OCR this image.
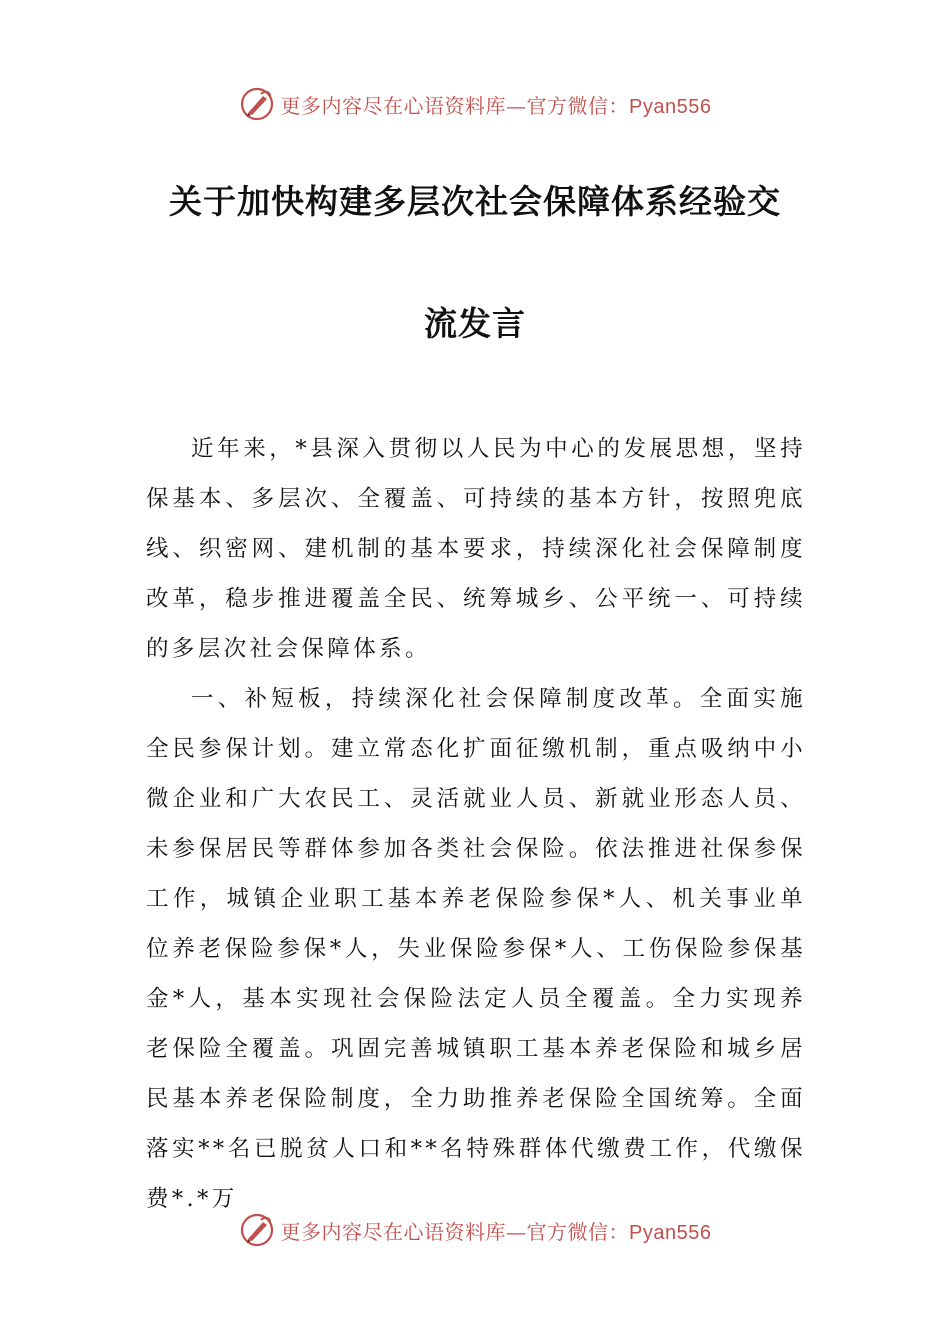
更多内容尽在心语资料库—官方微信：Pyan556
关于加快构建多层次社会保障体系经验交
流发言

近年来，*县深入贯彻以人民为中心的发展思想，坚持保基本、多层次、全覆盖、可持续的基本方针，按照兜底线、织密网、建机制的基本要求，持续深化社会保障制度改革，稳步推进覆盖全民、统筹城乡、公平统一、可持续的多层次社会保障体系。

一、补短板，持续深化社会保障制度改革。全面实施全民参保计划。建立常态化扩面征缴机制，重点吸纳中小微企业和广大农民工、灵活就业人员、新就业形态人员、未参保居民等群体参加各类社会保险。依法推进社保参保工作，城镇企业职工基本养老保险参保*人、机关事业单位养老保险参保*人，失业保险参保*人、工伤保险参保基金*人，基本实现社会保险法定人员全覆盖。全力实现养老保险全覆盖。巩固完善城镇职工基本养老保险和城乡居民基本养老保险制度，全力助推养老保险全国统筹。全面落实**名已脱贫人口和**名特殊群体代缴费工作，代缴保费*.*万

更多内容尽在心语资料库—官方微信：Pyan556
